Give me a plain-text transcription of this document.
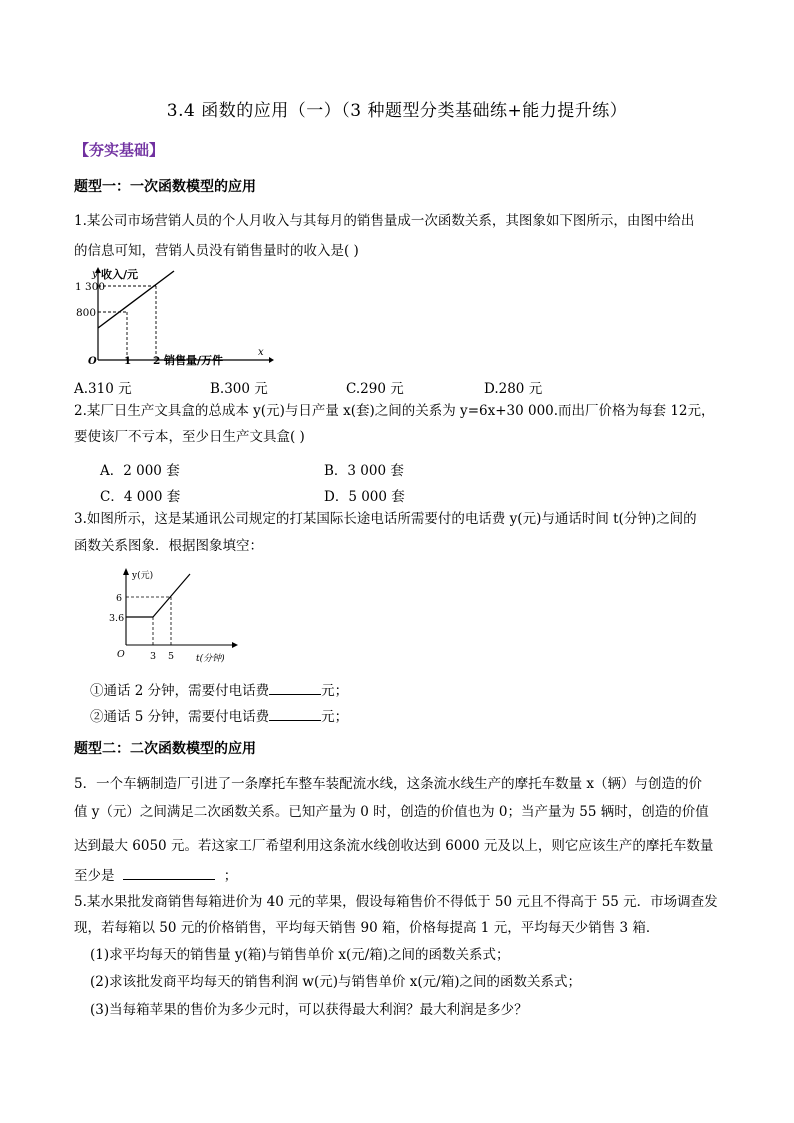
3.4 函数的应用（一）（3 种题型分类基础练+能力提升练）
【夯实基础】
题型一：一次函数模型的应用
1.某公司市场营销人员的个人月收入与其每月的销售量成一次函数关系，其图象如下图所示，由图中给出
的信息可知，营销人员没有销售量时的收入是( )
y 收入/元
1 300
800
x
O	1 2 销售量/万件
A.310 元	B.300 元	C.290 元	D.280 元
2.某厂日生产文具盒的总成本 y(元)与日产量 x(套)之间的关系为 y=6x+30 000.而出厂价格为每套 12元，
要使该厂不亏本，至少日生产文具盒( )
A．2 000 套	B．3 000 套
C．4 000 套	D．5 000 套
3.如图所示，这是某通讯公司规定的打某国际长途电话所需要付的电话费 y(元)与通话时间 t(分钟)之间的
函数关系图象．根据图象填空：
y(元)
6
3.6
O	3 5 t(分钟)
①通话 2 分钟，需要付电话费	元；
②通话 5 分钟，需要付电话费	元；
题型二：二次函数模型的应用
5．一个车辆制造厂引进了一条摩托车整车装配流水线，这条流水线生产的摩托车数量 x（辆）与创造的价
值 y（元）之间满足二次函数关系。已知产量为 0 时，创造的价值也为 0；当产量为 55 辆时，创造的价值
达到最大 6050 元。若这家工厂希望利用这条流水线创收达到 6000 元及以上，则它应该生产的摩托车数量
至少是	；
5.某水果批发商销售每箱进价为 40 元的苹果，假设每箱售价不得低于 50 元且不得高于 55 元．市场调查发
现，若每箱以 50 元的价格销售，平均每天销售 90 箱，价格每提高 1 元，平均每天少销售 3 箱．
(1)求平均每天的销售量 y(箱)与销售单价 x(元/箱)之间的函数关系式；
(2)求该批发商平均每天的销售利润 w(元)与销售单价 x(元/箱)之间的函数关系式；
(3)当每箱苹果的售价为多少元时，可以获得最大利润？最大利润是多少？
